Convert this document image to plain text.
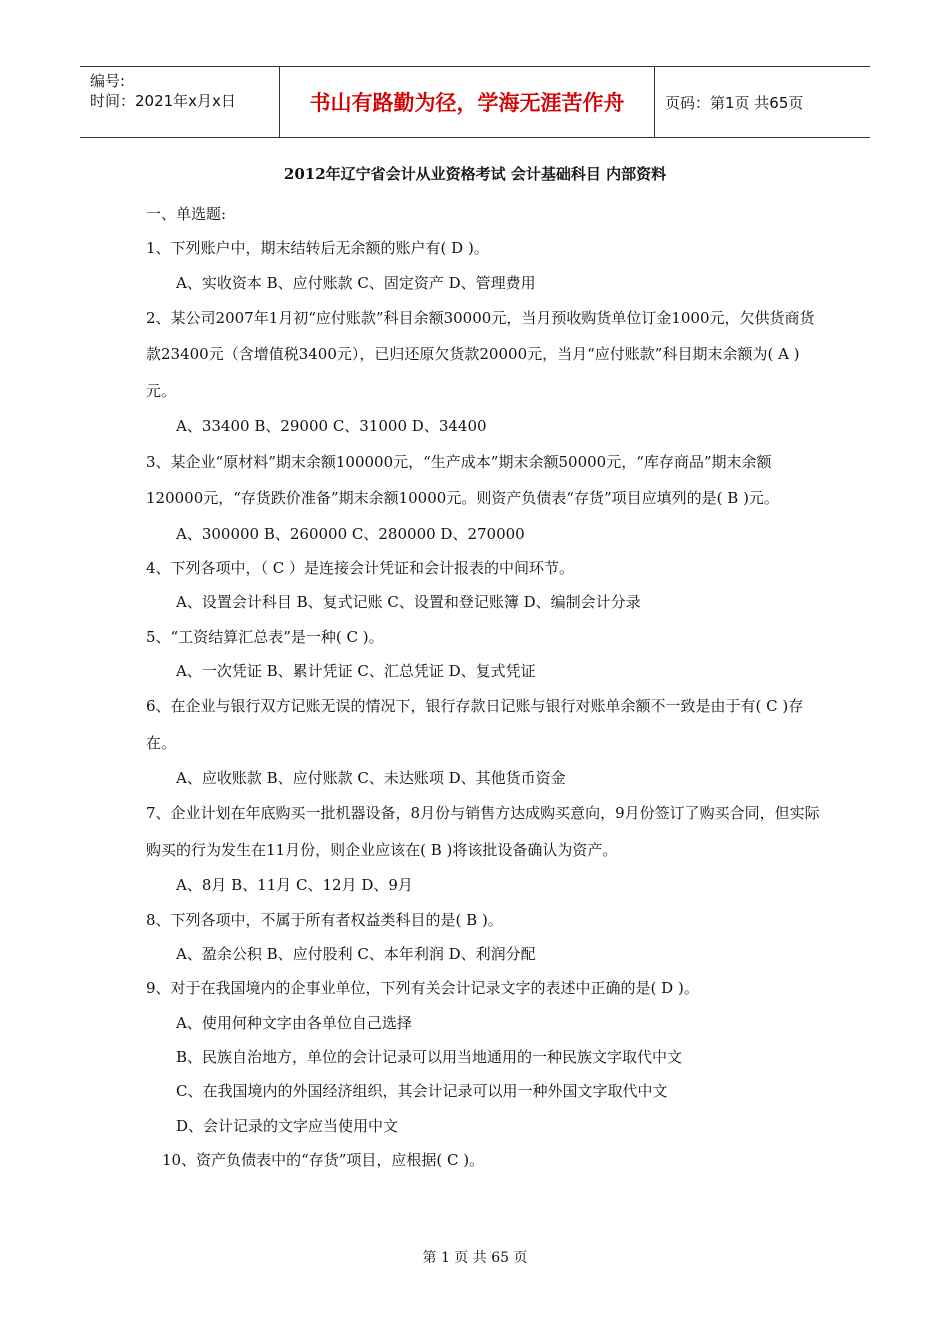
编号:
时间：2021年x月x日	书山有路勤为径，学海无涯苦作舟	页码：第1页 共65页
2012年辽宁省会计从业资格考试 会计基础科目 内部资料
一、单选题:
1、下列账户中，期末结转后无余额的账户有( D )。
A、实收资本 B、应付账款 C、固定资产 D、管理费用

2、某公司2007年1月初“应付账款”科目余额30000元，当月预收购货单位订金1000元，欠供货商货款23400元（含增值税3400元），已归还原欠货款20000元，当月“应付账款”科目期末余额为( A )元。

A、33400 B、29000 C、31000 D、34400

3、某企业“原材料”期末余额100000元，“生产成本”期末余额50000元，“库存商品”期末余额120000元，“存货跌价准备”期末余额10000元。则资产负债表“存货”项目应填列的是( B )元。

A、300000 B、260000 C、280000 D、270000
4、下列各项中，（ C ）是连接会计凭证和会计报表的中间环节。
A、设置会计科目 B、复式记账 C、设置和登记账簿 D、编制会计分录
5、“工资结算汇总表”是一种( C )。
A、一次凭证 B、累计凭证 C、汇总凭证 D、复式凭证

6、在企业与银行双方记账无误的情况下，银行存款日记账与银行对账单余额不一致是由于有( C )存在。

A、应收账款 B、应付账款 C、未达账项 D、其他货币资金

7、企业计划在年底购买一批机器设备，8月份与销售方达成购买意向，9月份签订了购买合同，但实际购买的行为发生在11月份，则企业应该在( B )将该批设备确认为资产。

A、8月 B、11月 C、12月 D、9月
8、下列各项中，不属于所有者权益类科目的是( B )。
A、盈余公积 B、应付股利 C、本年利润 D、利润分配
9、对于在我国境内的企事业单位，下列有关会计记录文字的表述中正确的是( D )。
A、使用何种文字由各单位自己选择
B、民族自治地方，单位的会计记录可以用当地通用的一种民族文字取代中文
C、在我国境内的外国经济组织，其会计记录可以用一种外国文字取代中文
D、会计记录的文字应当使用中文
10、资产负债表中的“存货”项目，应根据( C )。
第 1 页 共 65 页
